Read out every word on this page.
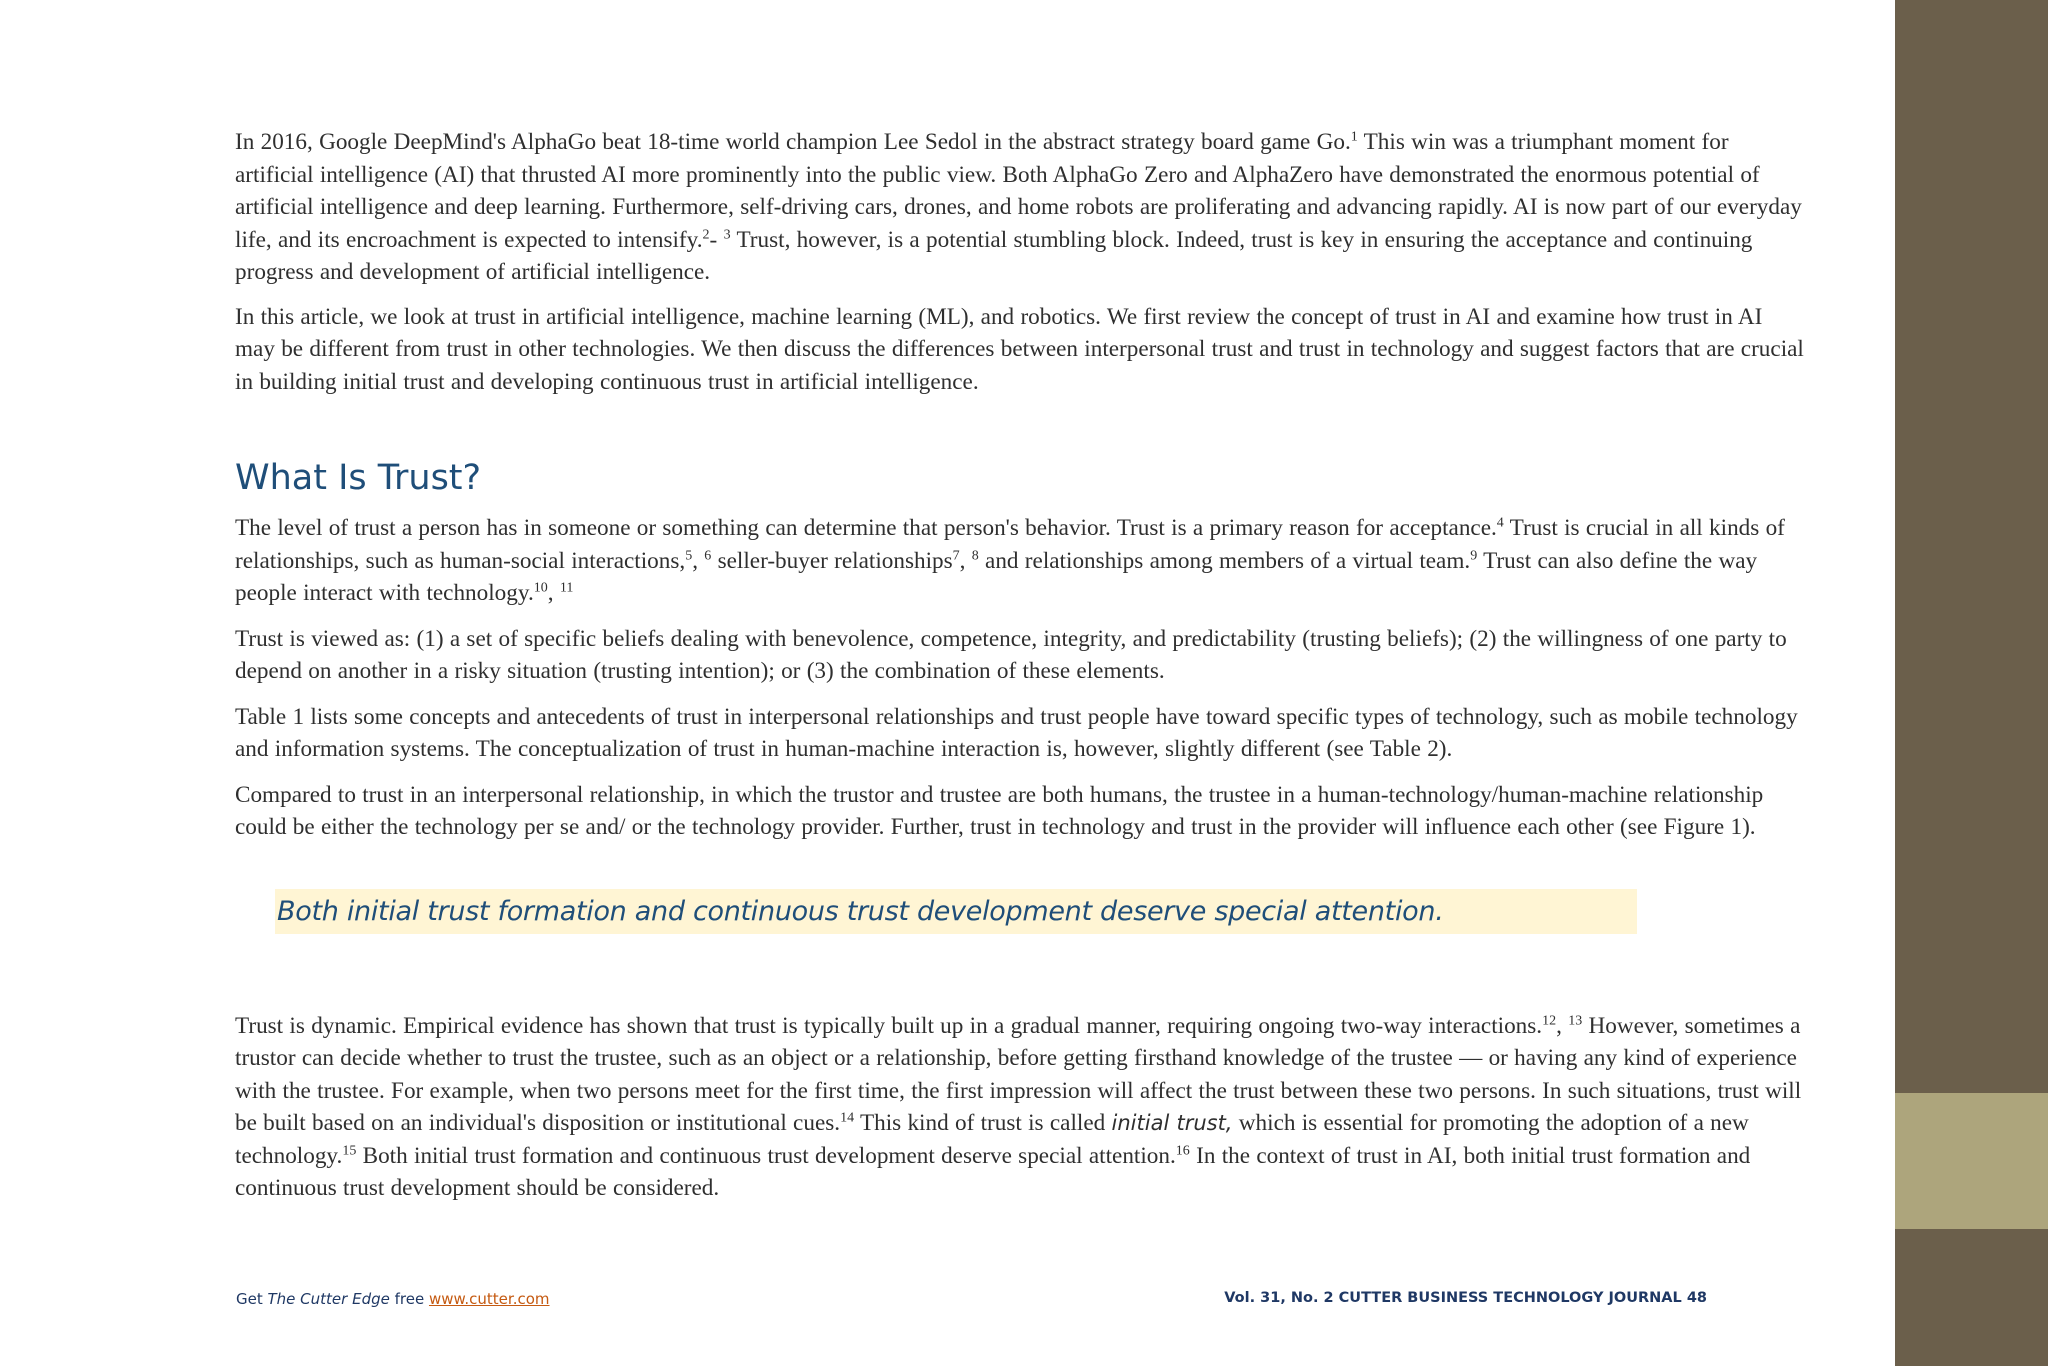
In 2016, Google DeepMind's AlphaGo beat 18-time world champion Lee Sedol in the abstract strategy board game Go.$^1$ This win was a triumphant moment for artificial intelligence (AI) that thrusted AI more prominently into the public view. Both AlphaGo Zero and AlphaZero have demonstrated the enormous potential of artificial intelligence and deep learning. Furthermore, self-driving cars, drones, and home robots are proliferating and advancing rapidly. AI is now part of our everyday life, and its encroachment is expected to intensify.$^2$- $^3$ Trust, however, is a potential stumbling block. Indeed, trust is key in ensuring the acceptance and continuing progress and development of artificial intelligence.

In this article, we look at trust in artificial intelligence, machine learning (ML), and robotics. We first review the concept of trust in AI and examine how trust in AI may be different from trust in other technologies. We then discuss the differences between interpersonal trust and trust in technology and suggest factors that are crucial in building initial trust and developing continuous trust in artificial intelligence.

What Is Trust?

The level of trust a person has in someone or something can determine that person's behavior. Trust is a primary reason for acceptance.$^4$ Trust is crucial in all kinds of relationships, such as human-social interactions,$^5$, $^6$ seller-buyer relationships$^7$, $^8$ and relationships among members of a virtual team.$^9$ Trust can also define the way people interact with technology.$^{10}$, $^{11}$

Trust is viewed as: (1) a set of specific beliefs dealing with benevolence, competence, integrity, and predictability (trusting beliefs); (2) the willingness of one party to depend on another in a risky situation (trusting intention); or (3) the combination of these elements.

Table 1 lists some concepts and antecedents of trust in interpersonal relationships and trust people have toward specific types of technology, such as mobile technology and information systems. The conceptualization of trust in human-machine interaction is, however, slightly different (see Table 2).

Compared to trust in an interpersonal relationship, in which the trustor and trustee are both humans, the trustee in a human-technology/human-machine relationship could be either the technology per se and/ or the technology provider. Further, trust in technology and trust in the provider will influence each other (see Figure 1).

Both initial trust formation and continuous trust development deserve special attention.

Trust is dynamic. Empirical evidence has shown that trust is typically built up in a gradual manner, requiring ongoing two-way interactions.$^{12}$, $^{13}$ However, sometimes a trustor can decide whether to trust the trustee, such as an object or a relationship, before getting firsthand knowledge of the trustee — or having any kind of experience with the trustee. For example, when two persons meet for the first time, the first impression will affect the trust between these two persons. In such situations, trust will be built based on an individual's disposition or institutional cues.$^{14}$ This kind of trust is called initial trust, which is essential for promoting the adoption of a new technology.$^{15}$ Both initial trust formation and continuous trust development deserve special attention.$^{16}$ In the context of trust in AI, both initial trust formation and continuous trust development should be considered.

Get The Cutter Edge free www.cutter.com	Vol. 31, No. 2 CUTTER BUSINESS TECHNOLOGY JOURNAL 48
